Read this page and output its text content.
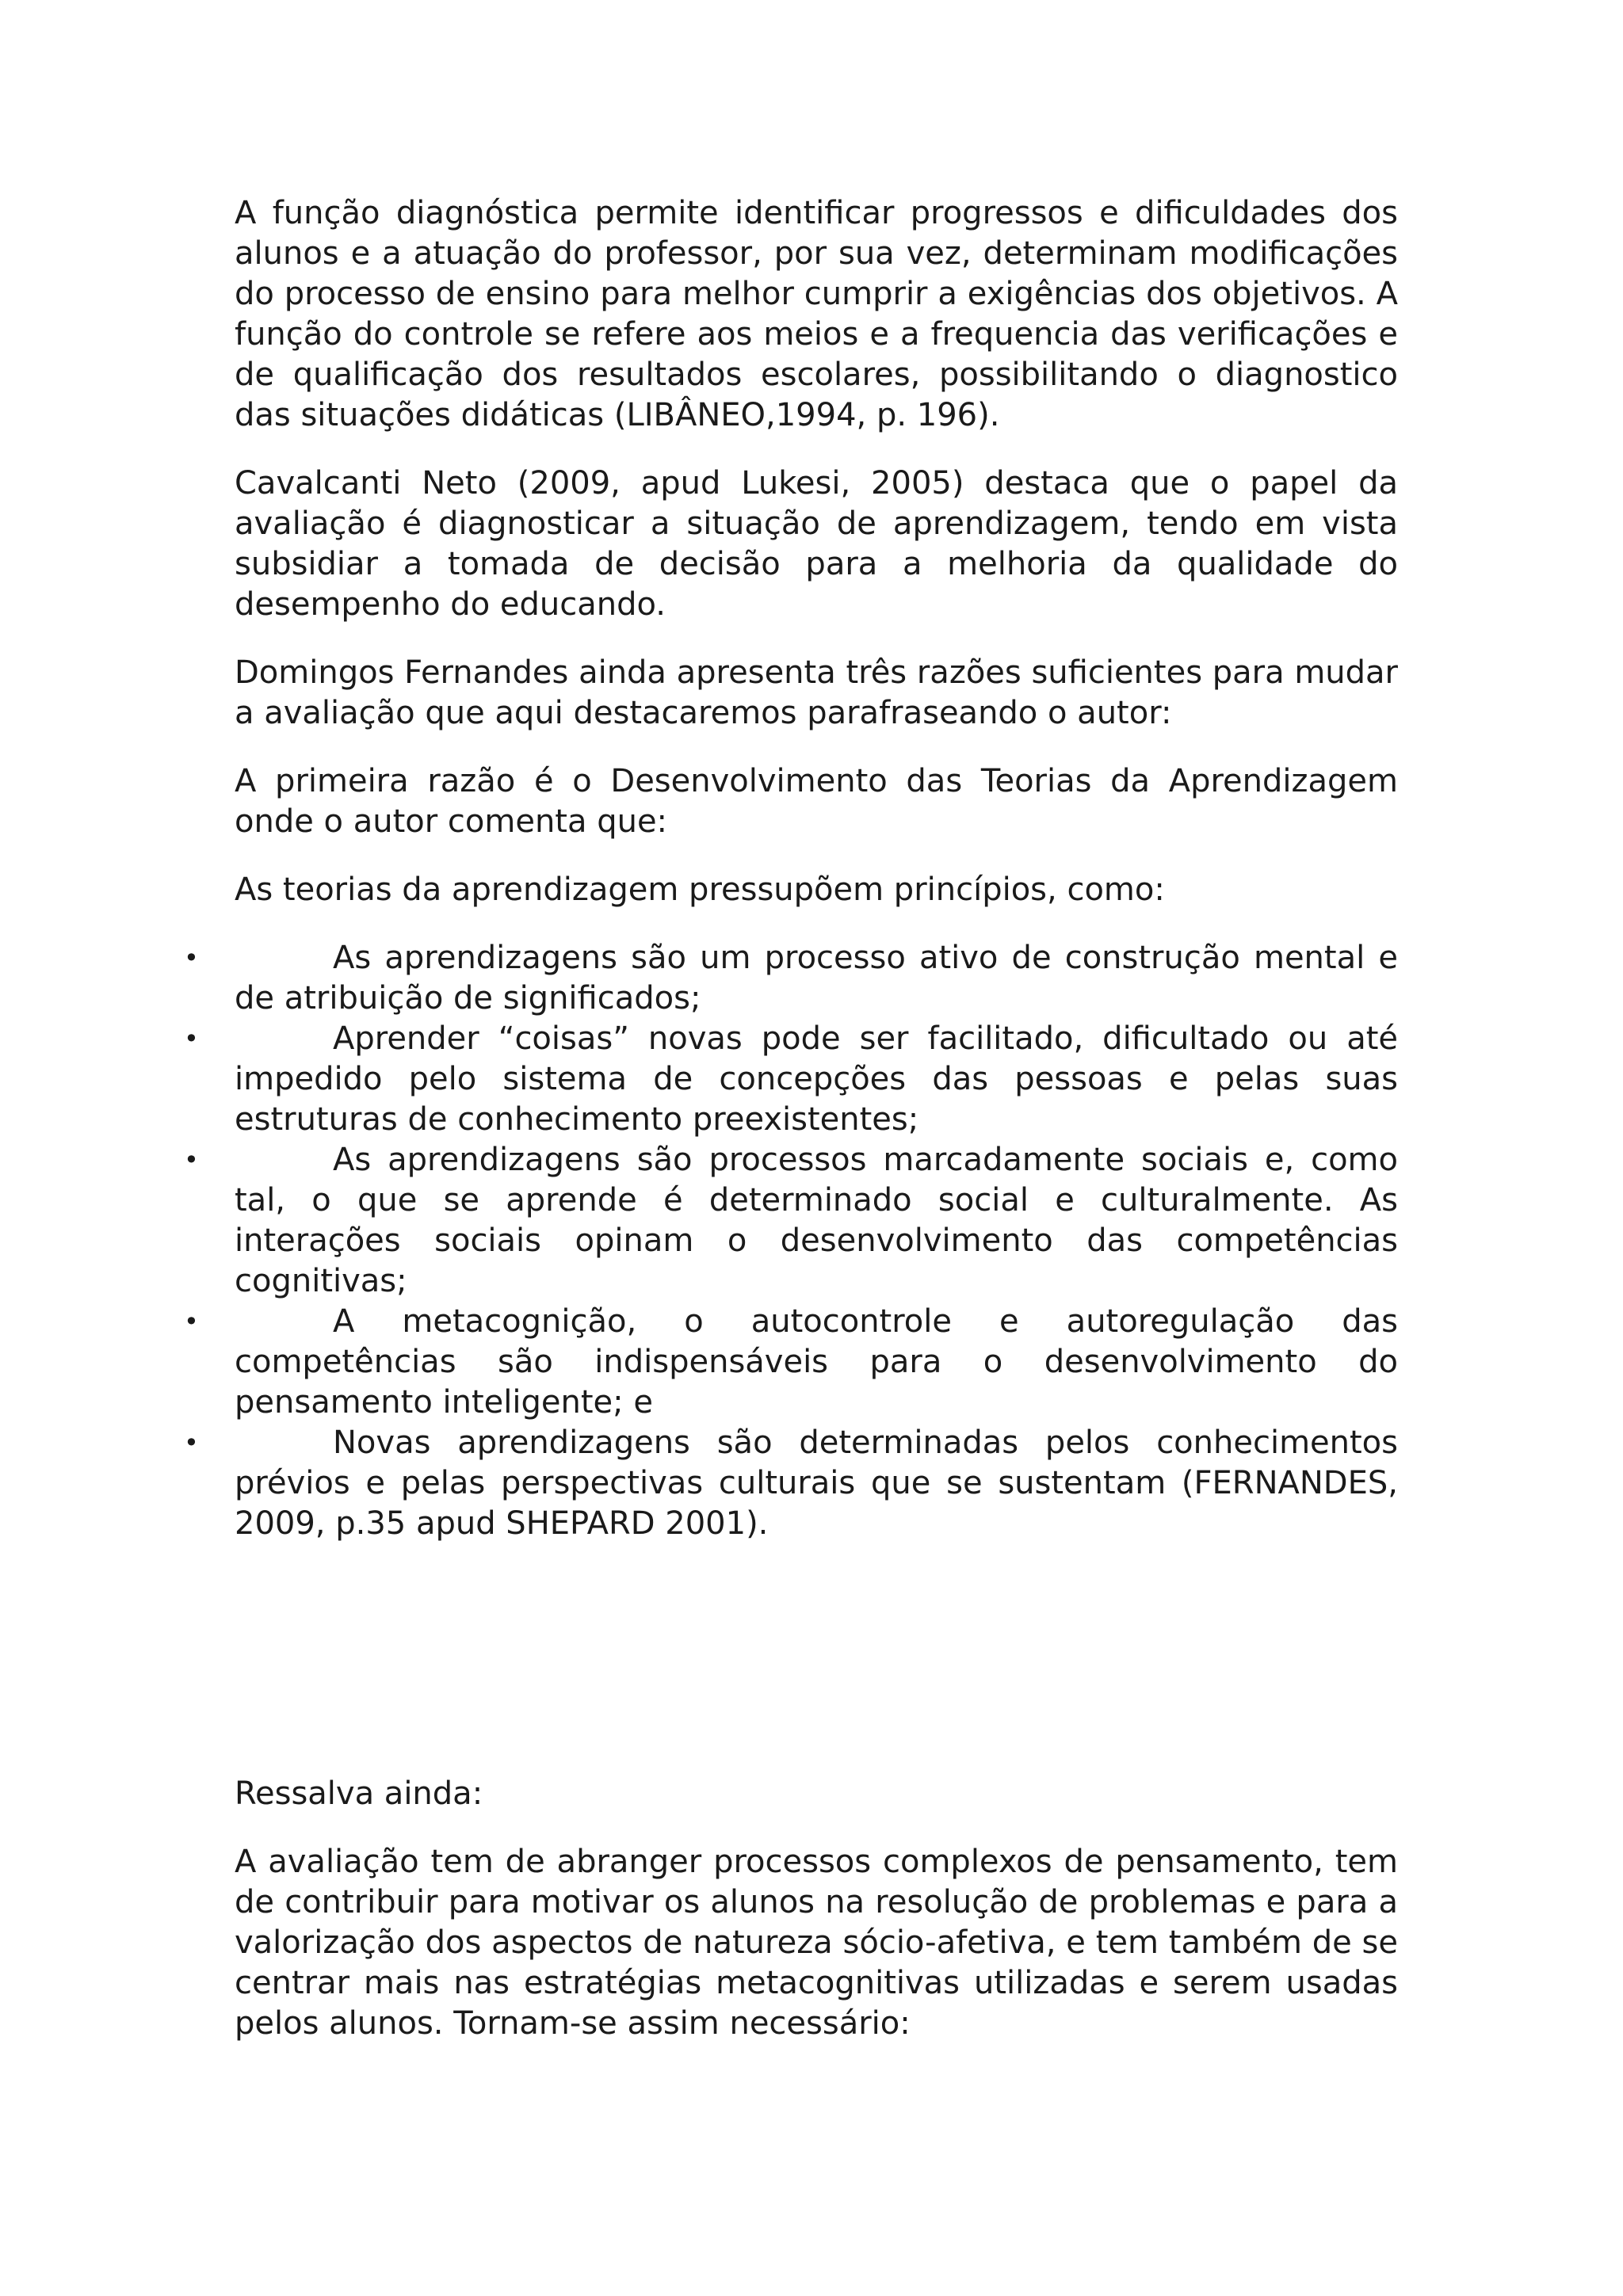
A função diagnóstica permite identificar progressos e dificuldades dos alunos e a atuação do professor, por sua vez, determinam modificações do processo de ensino para melhor cumprir a exigências dos objetivos. A função do controle se refere aos meios e a frequencia das verificações e de qualificação dos resultados escolares, possibilitando o diagnostico das situações didáticas (LIBÂNEO,1994, p. 196).

Cavalcanti Neto (2009, apud Lukesi, 2005) destaca que o papel da avaliação é diagnosticar a situação de aprendizagem, tendo em vista subsidiar a tomada de decisão para a melhoria da qualidade do desempenho do educando.

Domingos Fernandes ainda apresenta três razões suficientes para mudar a avaliação que aqui destacaremos parafraseando o autor:

A primeira razão é o Desenvolvimento das Teorias da Aprendizagem onde o autor comenta que:

As teorias da aprendizagem pressupõem princípios, como:

•	As aprendizagens são um processo ativo de construção mental e de atribuição de significados;
•	Aprender “coisas” novas pode ser facilitado, dificultado ou até impedido pelo sistema de concepções das pessoas e pelas suas estruturas de conhecimento preexistentes;
•	As aprendizagens são processos marcadamente sociais e, como tal, o que se aprende é determinado social e culturalmente. As interações sociais opinam o desenvolvimento das competências cognitivas;
•	A metacognição, o autocontrole e autoregulação das competências são indispensáveis para o desenvolvimento do pensamento inteligente; e
•	Novas aprendizagens são determinadas pelos conhecimentos prévios e pelas perspectivas culturais que se sustentam (FERNANDES, 2009, p.35 apud SHEPARD 2001).

Ressalva ainda:

A avaliação tem de abranger processos complexos de pensamento, tem de contribuir para motivar os alunos na resolução de problemas e para a valorização dos aspectos de natureza sócio-afetiva, e tem também de se centrar mais nas estratégias metacognitivas utilizadas e serem usadas pelos alunos. Tornam-se assim necessário:
